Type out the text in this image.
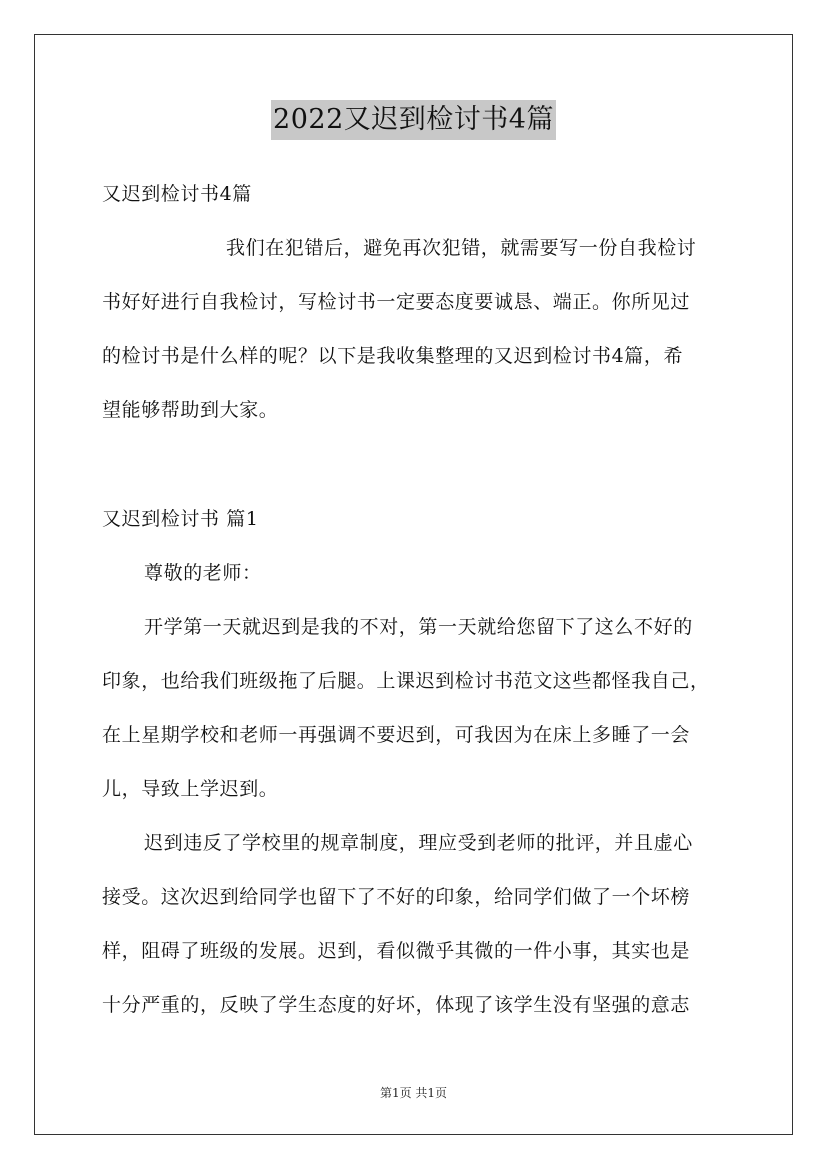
2022又迟到检讨书4篇
又迟到检讨书4篇
我们在犯错后，避免再次犯错，就需要写一份自我检讨
书好好进行自我检讨，写检讨书一定要态度要诚恳、端正。你所见过
的检讨书是什么样的呢？以下是我收集整理的又迟到检讨书4篇，希
望能够帮助到大家。
又迟到检讨书 篇1
尊敬的老师：
开学第一天就迟到是我的不对，第一天就给您留下了这么不好的
印象，也给我们班级拖了后腿。上课迟到检讨书范文这些都怪我自己，
在上星期学校和老师一再强调不要迟到，可我因为在床上多睡了一会
儿，导致上学迟到。
迟到违反了学校里的规章制度，理应受到老师的批评，并且虚心
接受。这次迟到给同学也留下了不好的印象，给同学们做了一个坏榜
样，阻碍了班级的发展。迟到，看似微乎其微的一件小事，其实也是
十分严重的，反映了学生态度的好坏，体现了该学生没有坚强的意志
第1页 共1页
